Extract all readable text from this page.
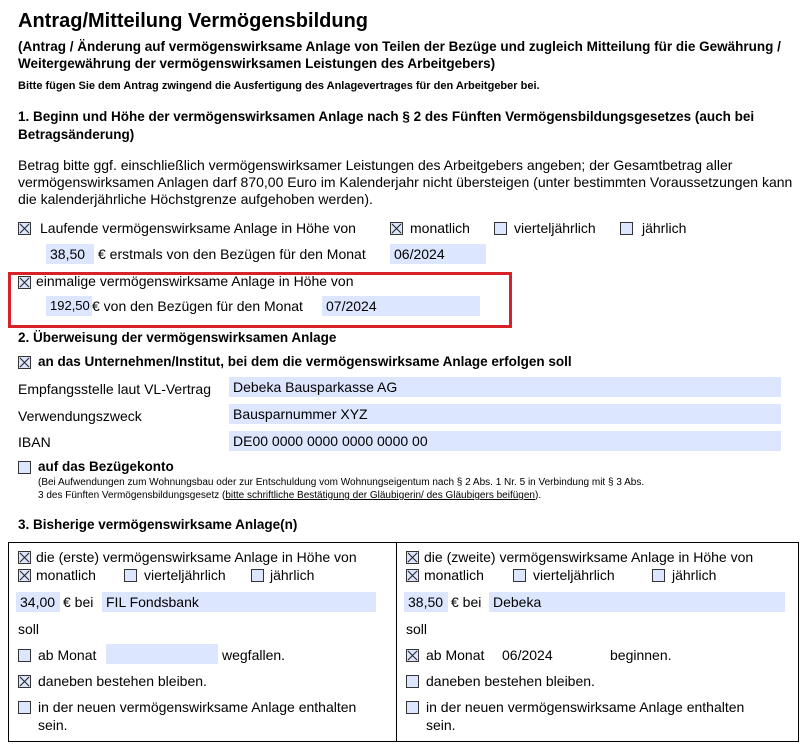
Antrag/Mitteilung Vermögensbildung
(Antrag / Änderung auf vermögenswirksame Anlage von Teilen der Bezüge und zugleich Mitteilung für die Gewährung / Weitergewährung der vermögenswirksamen Leistungen des Arbeitgebers)
Bitte fügen Sie dem Antrag zwingend die Ausfertigung des Anlagevertrages für den Arbeitgeber bei.
1. Beginn und Höhe der vermögenswirksamen Anlage nach § 2 des Fünften Vermögensbildungsgesetzes (auch bei Betragsänderung)
Betrag bitte ggf. einschließlich vermögenswirksamer Leistungen des Arbeitgebers angeben; der Gesamtbetrag aller vermögenswirksamen Anlagen darf 870,00 Euro im Kalenderjahr nicht übersteigen (unter bestimmten Voraussetzungen kann die kalenderjährliche Höchstgrenze aufgehoben werden).
Laufende vermögenswirksame Anlage in Höhe von	monatlich	vierteljährlich	jährlich
38,50 € erstmals von den Bezügen für den Monat 06/2024
einmalige vermögenswirksame Anlage in Höhe von
192,50 € von den Bezügen für den Monat 07/2024
2. Überweisung der vermögenswirksamen Anlage
an das Unternehmen/Institut, bei dem die vermögenswirksame Anlage erfolgen soll
Empfangsstelle laut VL-Vertrag Debeka Bausparkasse AG
Verwendungszweck	Bausparnummer XYZ
IBAN	DE00 0000 0000 0000 0000 00
auf das Bezügekonto
(Bei Aufwendungen zum Wohnungsbau oder zur Entschuldung vom Wohnungseigentum nach § 2 Abs. 1 Nr. 5 in Verbindung mit § 3 Abs.
3 des Fünften Vermögensbildungsgesetz (bitte schriftliche Bestätigung der Gläubigerin/ des Gläubigers beifügen).
3. Bisherige vermögenswirksame Anlage(n)
die (erste) vermögenswirksame Anlage in Höhe von
monatlich	vierteljährlich	jährlich
34,00 € bei FIL Fondsbank
soll
ab Monat	wegfallen.
daneben bestehen bleiben.
in der neuen vermögenswirksame Anlage enthalten
sein.
die (zweite) vermögenswirksame Anlage in Höhe von
monatlich	vierteljährlich	jährlich
38,50 € bei Debeka
soll
ab Monat 06/2024	beginnen.
daneben bestehen bleiben.
in der neuen vermögenswirksame Anlage enthalten
sein.
